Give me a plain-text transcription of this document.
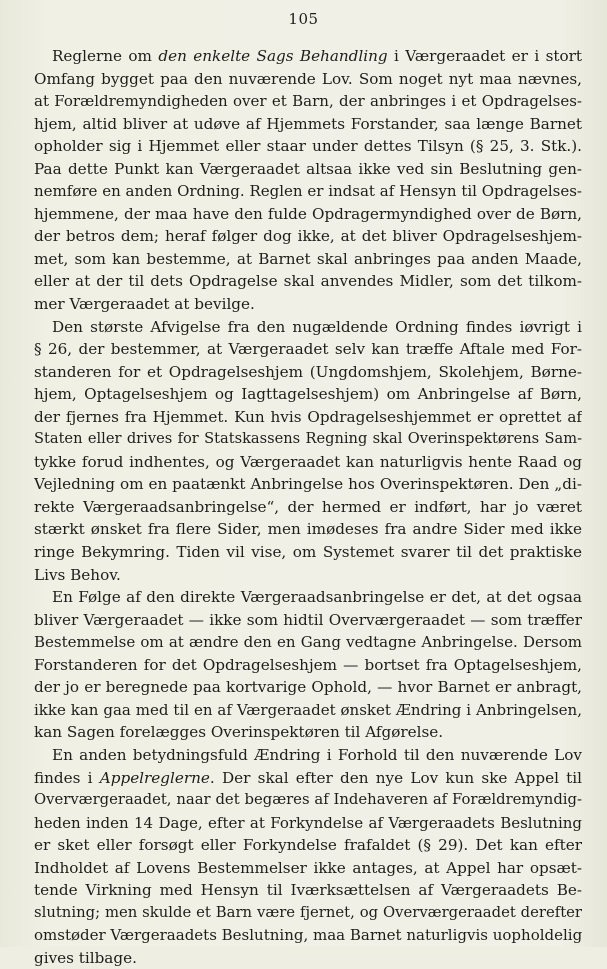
105
Reglerne om den enkelte Sags Behandling i Værgeraadet er i stort
Omfang bygget paa den nuværende Lov. Som noget nyt maa nævnes,
at Forældremyndigheden over et Barn, der anbringes i et Opdragelses-
hjem, altid bliver at udøve af Hjemmets Forstander, saa længe Barnet
opholder sig i Hjemmet eller staar under dettes Tilsyn (§ 25, 3. Stk.).
Paa dette Punkt kan Værgeraadet altsaa ikke ved sin Beslutning gen-
nemføre en anden Ordning. Reglen er indsat af Hensyn til Opdragelses-
hjemmene, der maa have den fulde Opdragermyndighed over de Børn,
der betros dem; heraf følger dog ikke, at det bliver Opdragelseshjem-
met, som kan bestemme, at Barnet skal anbringes paa anden Maade,
eller at der til dets Opdragelse skal anvendes Midler, som det tilkom-
mer Værgeraadet at bevilge.
Den største Afvigelse fra den nugældende Ordning findes iøvrigt i
§ 26, der bestemmer, at Værgeraadet selv kan træffe Aftale med For-
standeren for et Opdragelseshjem (Ungdomshjem, Skolehjem, Børne-
hjem, Optagelseshjem og Iagttagelseshjem) om Anbringelse af Børn,
der fjernes fra Hjemmet. Kun hvis Opdragelseshjemmet er oprettet af
Staten eller drives for Statskassens Regning skal Overinspektørens Sam-
tykke forud indhentes, og Værgeraadet kan naturligvis hente Raad og
Vejledning om en paatænkt Anbringelse hos Overinspektøren. Den „di-
rekte Værgeraadsanbringelse“, der hermed er indført, har jo været
stærkt ønsket fra flere Sider, men imødeses fra andre Sider med ikke
ringe Bekymring. Tiden vil vise, om Systemet svarer til det praktiske
Livs Behov.
En Følge af den direkte Værgeraadsanbringelse er det, at det ogsaa
bliver Værgeraadet — ikke som hidtil Overværgeraadet — som træffer
Bestemmelse om at ændre den en Gang vedtagne Anbringelse. Dersom
Forstanderen for det Opdragelseshjem — bortset fra Optagelseshjem,
der jo er beregnede paa kortvarige Ophold, — hvor Barnet er anbragt,
ikke kan gaa med til en af Værgeraadet ønsket Ændring i Anbringelsen,
kan Sagen forelægges Overinspektøren til Afgørelse.
En anden betydningsfuld Ændring i Forhold til den nuværende Lov
findes i Appelreglerne. Der skal efter den nye Lov kun ske Appel til
Overværgeraadet, naar det begæres af Indehaveren af Forældremyndig-
heden inden 14 Dage, efter at Forkyndelse af Værgeraadets Beslutning
er sket eller forsøgt eller Forkyndelse frafaldet (§ 29). Det kan efter
Indholdet af Lovens Bestemmelser ikke antages, at Appel har opsæt-
tende Virkning med Hensyn til Iværksættelsen af Værgeraadets Be-
slutning; men skulde et Barn være fjernet, og Overværgeraadet derefter
omstøder Værgeraadets Beslutning, maa Barnet naturligvis uopholdelig
gives tilbage.
